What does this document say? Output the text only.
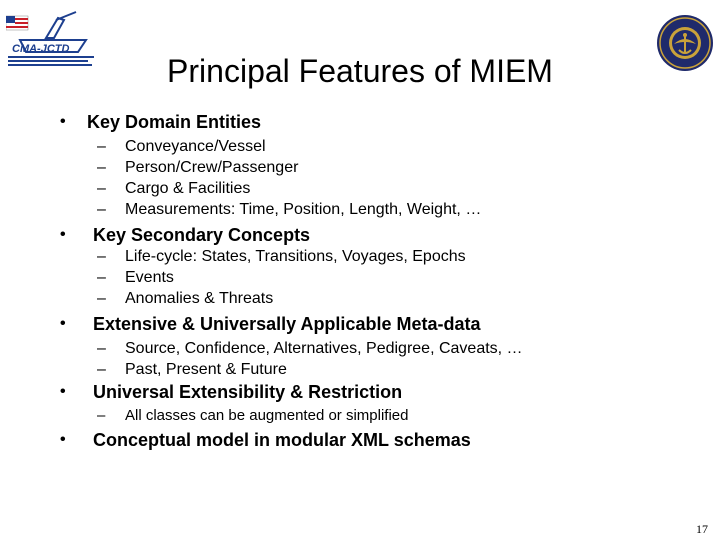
CMA-JCTD
Principal Features of MIEM
• Key Domain Entities
– Conveyance/Vessel
– Person/Crew/Passenger
– Cargo & Facilities
– Measurements: Time, Position, Length, Weight, …
• Key Secondary Concepts
– Life-cycle: States, Transitions, Voyages, Epochs
– Events
– Anomalies & Threats
• Extensive & Universally Applicable Meta-data
– Source, Confidence, Alternatives, Pedigree, Caveats, …
– Past, Present & Future
• Universal Extensibility & Restriction
– All classes can be augmented or simplified
• Conceptual model in modular XML schemas
17
